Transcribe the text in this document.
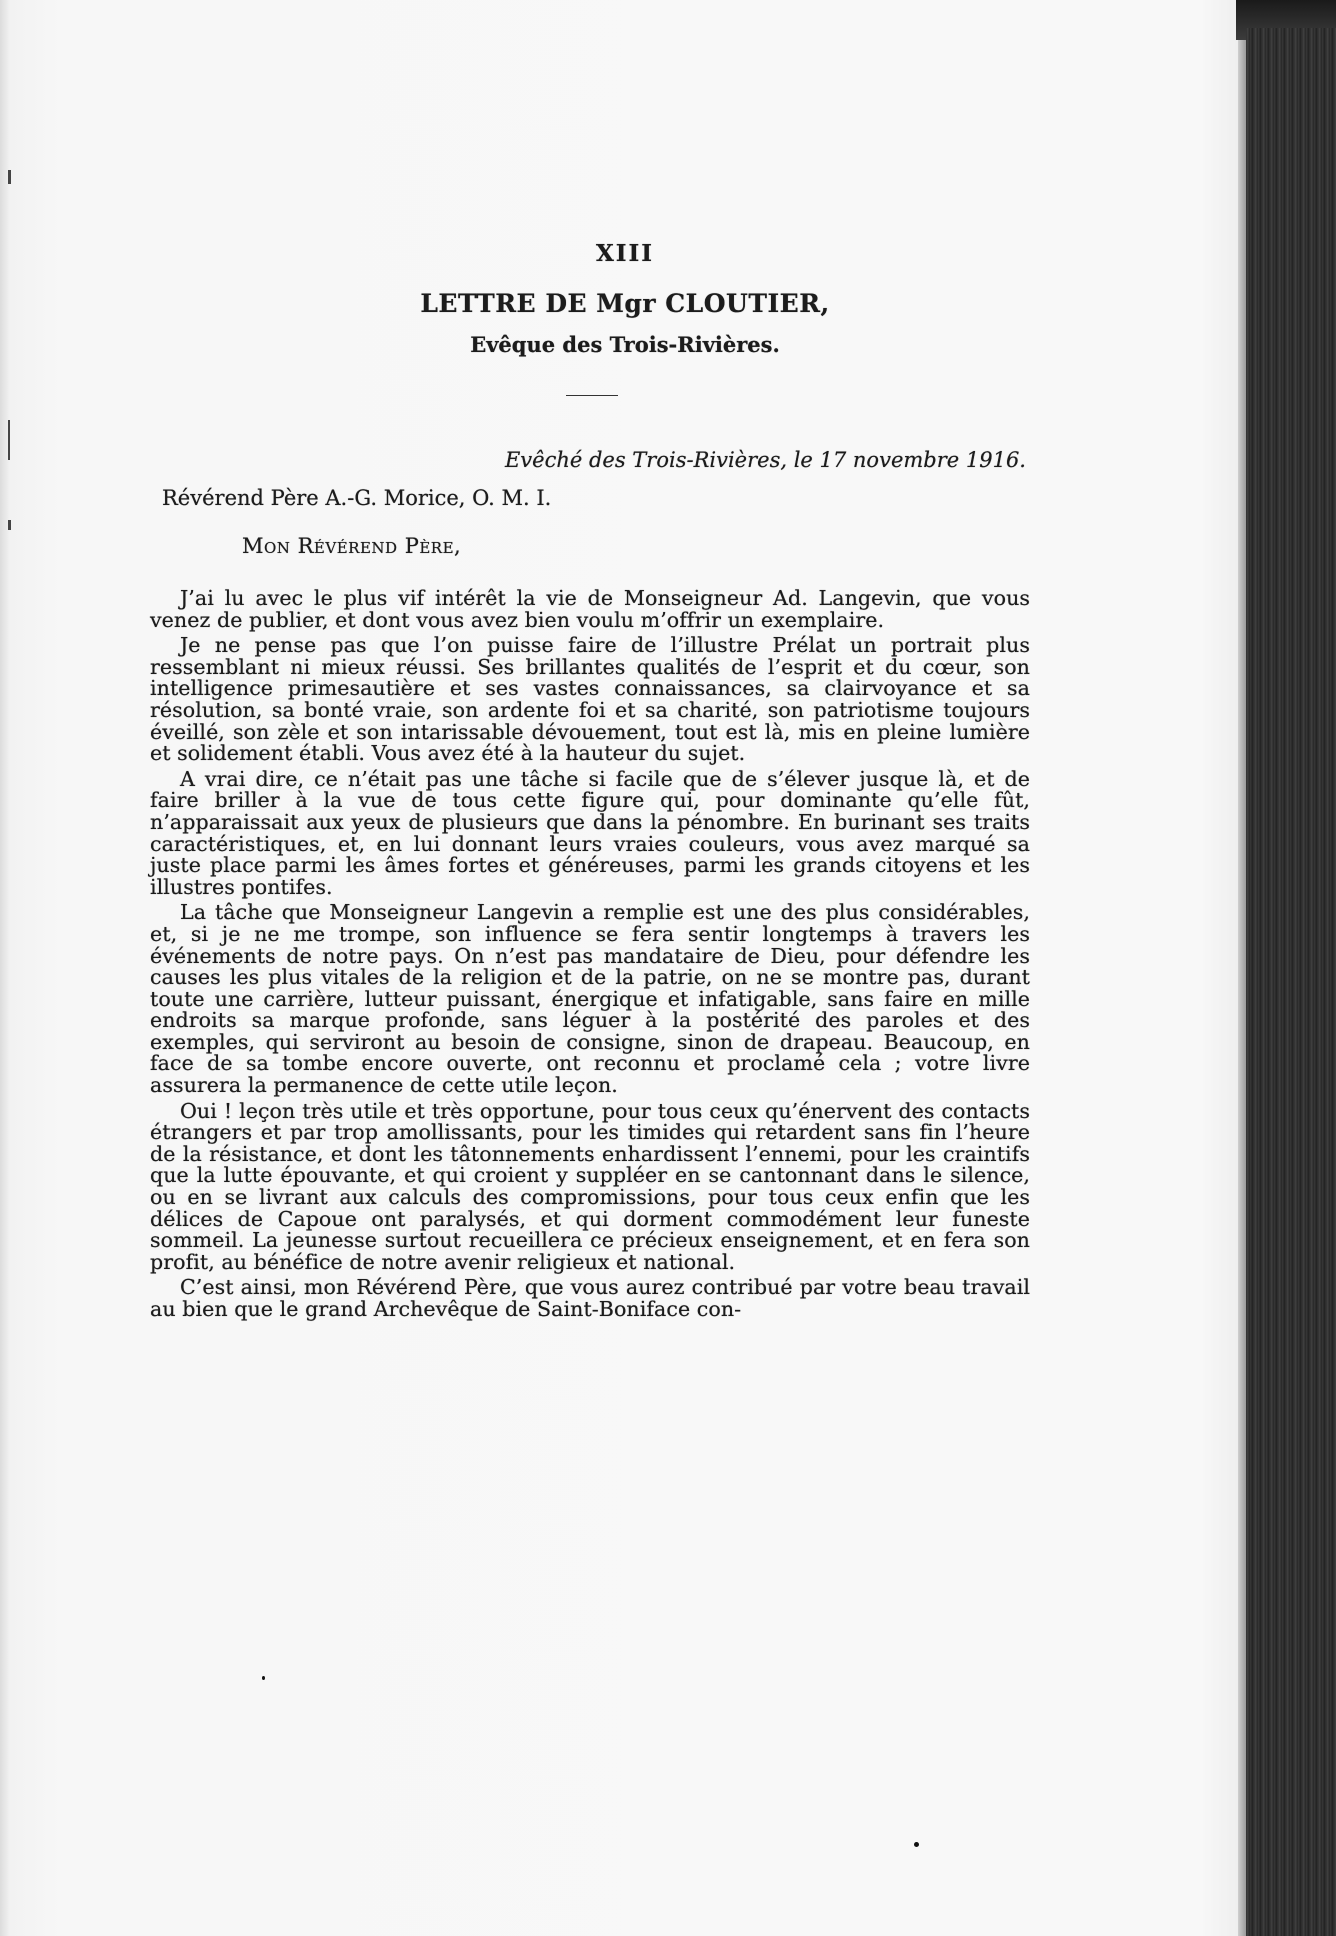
XIII
LETTRE DE Mgr CLOUTIER,
Evêque des Trois-Rivières.
Evêché des Trois-Rivières, le 17 novembre 1916.
Révérend Père A.-G. Morice, O. M. I.
Mon Révérend Père,

J’ai lu avec le plus vif intérêt la vie de Monseigneur Ad. Langevin, que vous venez de publier, et dont vous avez bien voulu m’offrir un exemplaire.

Je ne pense pas que l’on puisse faire de l’illustre Prélat un portrait plus ressemblant ni mieux réussi. Ses brillantes qualités de l’esprit et du cœur, son intelligence primesautière et ses vastes connaissances, sa clairvoyance et sa résolution, sa bonté vraie, son ardente foi et sa charité, son patriotisme toujours éveillé, son zèle et son intarissable dévouement, tout est là, mis en pleine lumière et solidement établi. Vous avez été à la hauteur du sujet.

A vrai dire, ce n’était pas une tâche si facile que de s’élever jusque là, et de faire briller à la vue de tous cette figure qui, pour dominante qu’elle fût, n’apparaissait aux yeux de plusieurs que dans la pénombre. En burinant ses traits caractéristiques, et, en lui donnant leurs vraies couleurs, vous avez marqué sa juste place parmi les âmes fortes et généreuses, parmi les grands citoyens et les illustres pontifes.

La tâche que Monseigneur Langevin a remplie est une des plus considérables, et, si je ne me trompe, son influence se fera sentir longtemps à travers les événements de notre pays. On n’est pas mandataire de Dieu, pour défendre les causes les plus vitales de la religion et de la patrie, on ne se montre pas, durant toute une carrière, lutteur puissant, énergique et infatigable, sans faire en mille endroits sa marque profonde, sans léguer à la postérité des paroles et des exemples, qui serviront au besoin de consigne, sinon de drapeau. Beaucoup, en face de sa tombe encore ouverte, ont reconnu et proclamé cela ; votre livre assurera la permanence de cette utile leçon.

Oui ! leçon très utile et très opportune, pour tous ceux qu’énervent des contacts étrangers et par trop amollissants, pour les timides qui retardent sans fin l’heure de la résistance, et dont les tâtonnements enhardissent l’ennemi, pour les craintifs que la lutte épouvante, et qui croient y suppléer en se cantonnant dans le silence, ou en se livrant aux calculs des compromissions, pour tous ceux enfin que les délices de Capoue ont paralysés, et qui dorment commodément leur funeste sommeil. La jeunesse surtout recueillera ce précieux enseignement, et en fera son profit, au bénéfice de notre avenir religieux et national.

C’est ainsi, mon Révérend Père, que vous aurez contribué par votre beau travail au bien que le grand Archevêque de Saint-Boniface con-
